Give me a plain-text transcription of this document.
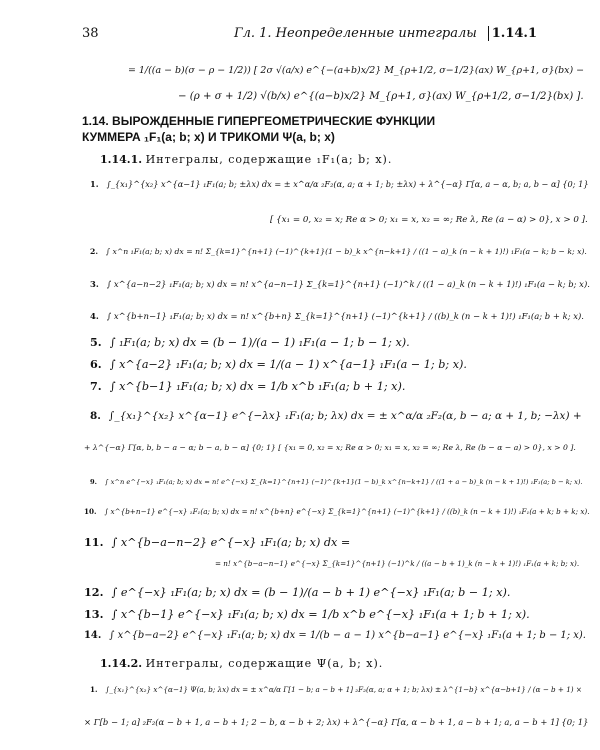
38	Гл. 1. Неопределенные интегралы	1.14.1
= 1/((a − b)(σ − ρ − 1/2)) [ 2σ √(a/x) e^{−(a+b)x/2} M_{ρ+1/2, σ−1/2}(ax) W_{ρ+1, σ}(bx) −
− (ρ + σ + 1/2) √(b/x) e^{(a−b)x/2} M_{ρ+1, σ}(ax) W_{ρ+1/2, σ−1/2}(bx) ].
1.14. ВЫРОЖДЕННЫЕ ГИПЕРГЕОМЕТРИЧЕСКИЕ ФУНКЦИИ
КУММЕРА ₁F₁(a; b; x) И ТРИКОМИ Ψ(a, b; x)
1.14.1. Интегралы, содержащие ₁F₁(a; b; x).
1. ∫_{x₁}^{x₂} x^{α−1} ₁F₁(a; b; ±λx) dx = ± x^α/α ₂F₂(α, a; α + 1; b; ±λx) + λ^{−α} Γ[α, a − α, b; a, b − α] {0; 1}
[ {x₁ = 0, x₂ = x; Re α > 0; x₁ = x, x₂ = ∞; Re λ, Re (a − α) > 0}, x > 0 ].
2. ∫ x^n ₁F₁(a; b; x) dx = n! Σ_{k=1}^{n+1} (−1)^{k+1}(1 − b)_k x^{n−k+1} / ((1 − a)_k (n − k + 1)!) ₁F₁(a − k; b − k; x).
3. ∫ x^{a−n−2} ₁F₁(a; b; x) dx = n! x^{a−n−1} Σ_{k=1}^{n+1} (−1)^k / ((1 − a)_k (n − k + 1)!) ₁F₁(a − k; b; x).
4. ∫ x^{b+n−1} ₁F₁(a; b; x) dx = n! x^{b+n} Σ_{k=1}^{n+1} (−1)^{k+1} / ((b)_k (n − k + 1)!) ₁F₁(a; b + k; x).
5. ∫ ₁F₁(a; b; x) dx = (b − 1)/(a − 1) ₁F₁(a − 1; b − 1; x).
6. ∫ x^{a−2} ₁F₁(a; b; x) dx = 1/(a − 1) x^{a−1} ₁F₁(a − 1; b; x).
7. ∫ x^{b−1} ₁F₁(a; b; x) dx = 1/b x^b ₁F₁(a; b + 1; x).
8. ∫_{x₁}^{x₂} x^{α−1} e^{−λx} ₁F₁(a; b; λx) dx = ± x^α/α ₂F₂(α, b − a; α + 1, b; −λx) +
+ λ^{−α} Γ[α, b, b − a − α; b − a, b − α] {0; 1} [ {x₁ = 0, x₂ = x; Re α > 0; x₁ = x, x₂ = ∞; Re λ, Re (b − α − a) > 0}, x > 0 ].
9. ∫ x^n e^{−x} ₁F₁(a; b; x) dx = n! e^{−x} Σ_{k=1}^{n+1} (−1)^{k+1}(1 − b)_k x^{n−k+1} / ((1 + a − b)_k (n − k + 1)!) ₁F₁(a; b − k; x).
10. ∫ x^{b+n−1} e^{−x} ₁F₁(a; b; x) dx = n! x^{b+n} e^{−x} Σ_{k=1}^{n+1} (−1)^{k+1} / ((b)_k (n − k + 1)!) ₁F₁(a + k; b + k; x).
11. ∫ x^{b−a−n−2} e^{−x} ₁F₁(a; b; x) dx =
= n! x^{b−a−n−1} e^{−x} Σ_{k=1}^{n+1} (−1)^k / ((a − b + 1)_k (n − k + 1)!) ₁F₁(a + k; b; x).
12. ∫ e^{−x} ₁F₁(a; b; x) dx = (b − 1)/(a − b + 1) e^{−x} ₁F₁(a; b − 1; x).
13. ∫ x^{b−1} e^{−x} ₁F₁(a; b; x) dx = 1/b x^b e^{−x} ₁F₁(a + 1; b + 1; x).
14. ∫ x^{b−a−2} e^{−x} ₁F₁(a; b; x) dx = 1/(b − a − 1) x^{b−a−1} e^{−x} ₁F₁(a + 1; b − 1; x).
1.14.2. Интегралы, содержащие Ψ(a, b; x).
1. ∫_{x₁}^{x₂} x^{α−1} Ψ(a, b; λx) dx = ± x^α/α Γ[1 − b; a − b + 1] ₂F₂(α, a; α + 1; b; λx) ± λ^{1−b} x^{α−b+1} / (α − b + 1) ×
× Γ[b − 1; a] ₂F₂(α − b + 1, a − b + 1; 2 − b, α − b + 2; λx) + λ^{−α} Γ[α, α − b + 1, a − b + 1; a, a − b + 1] {0; 1}
